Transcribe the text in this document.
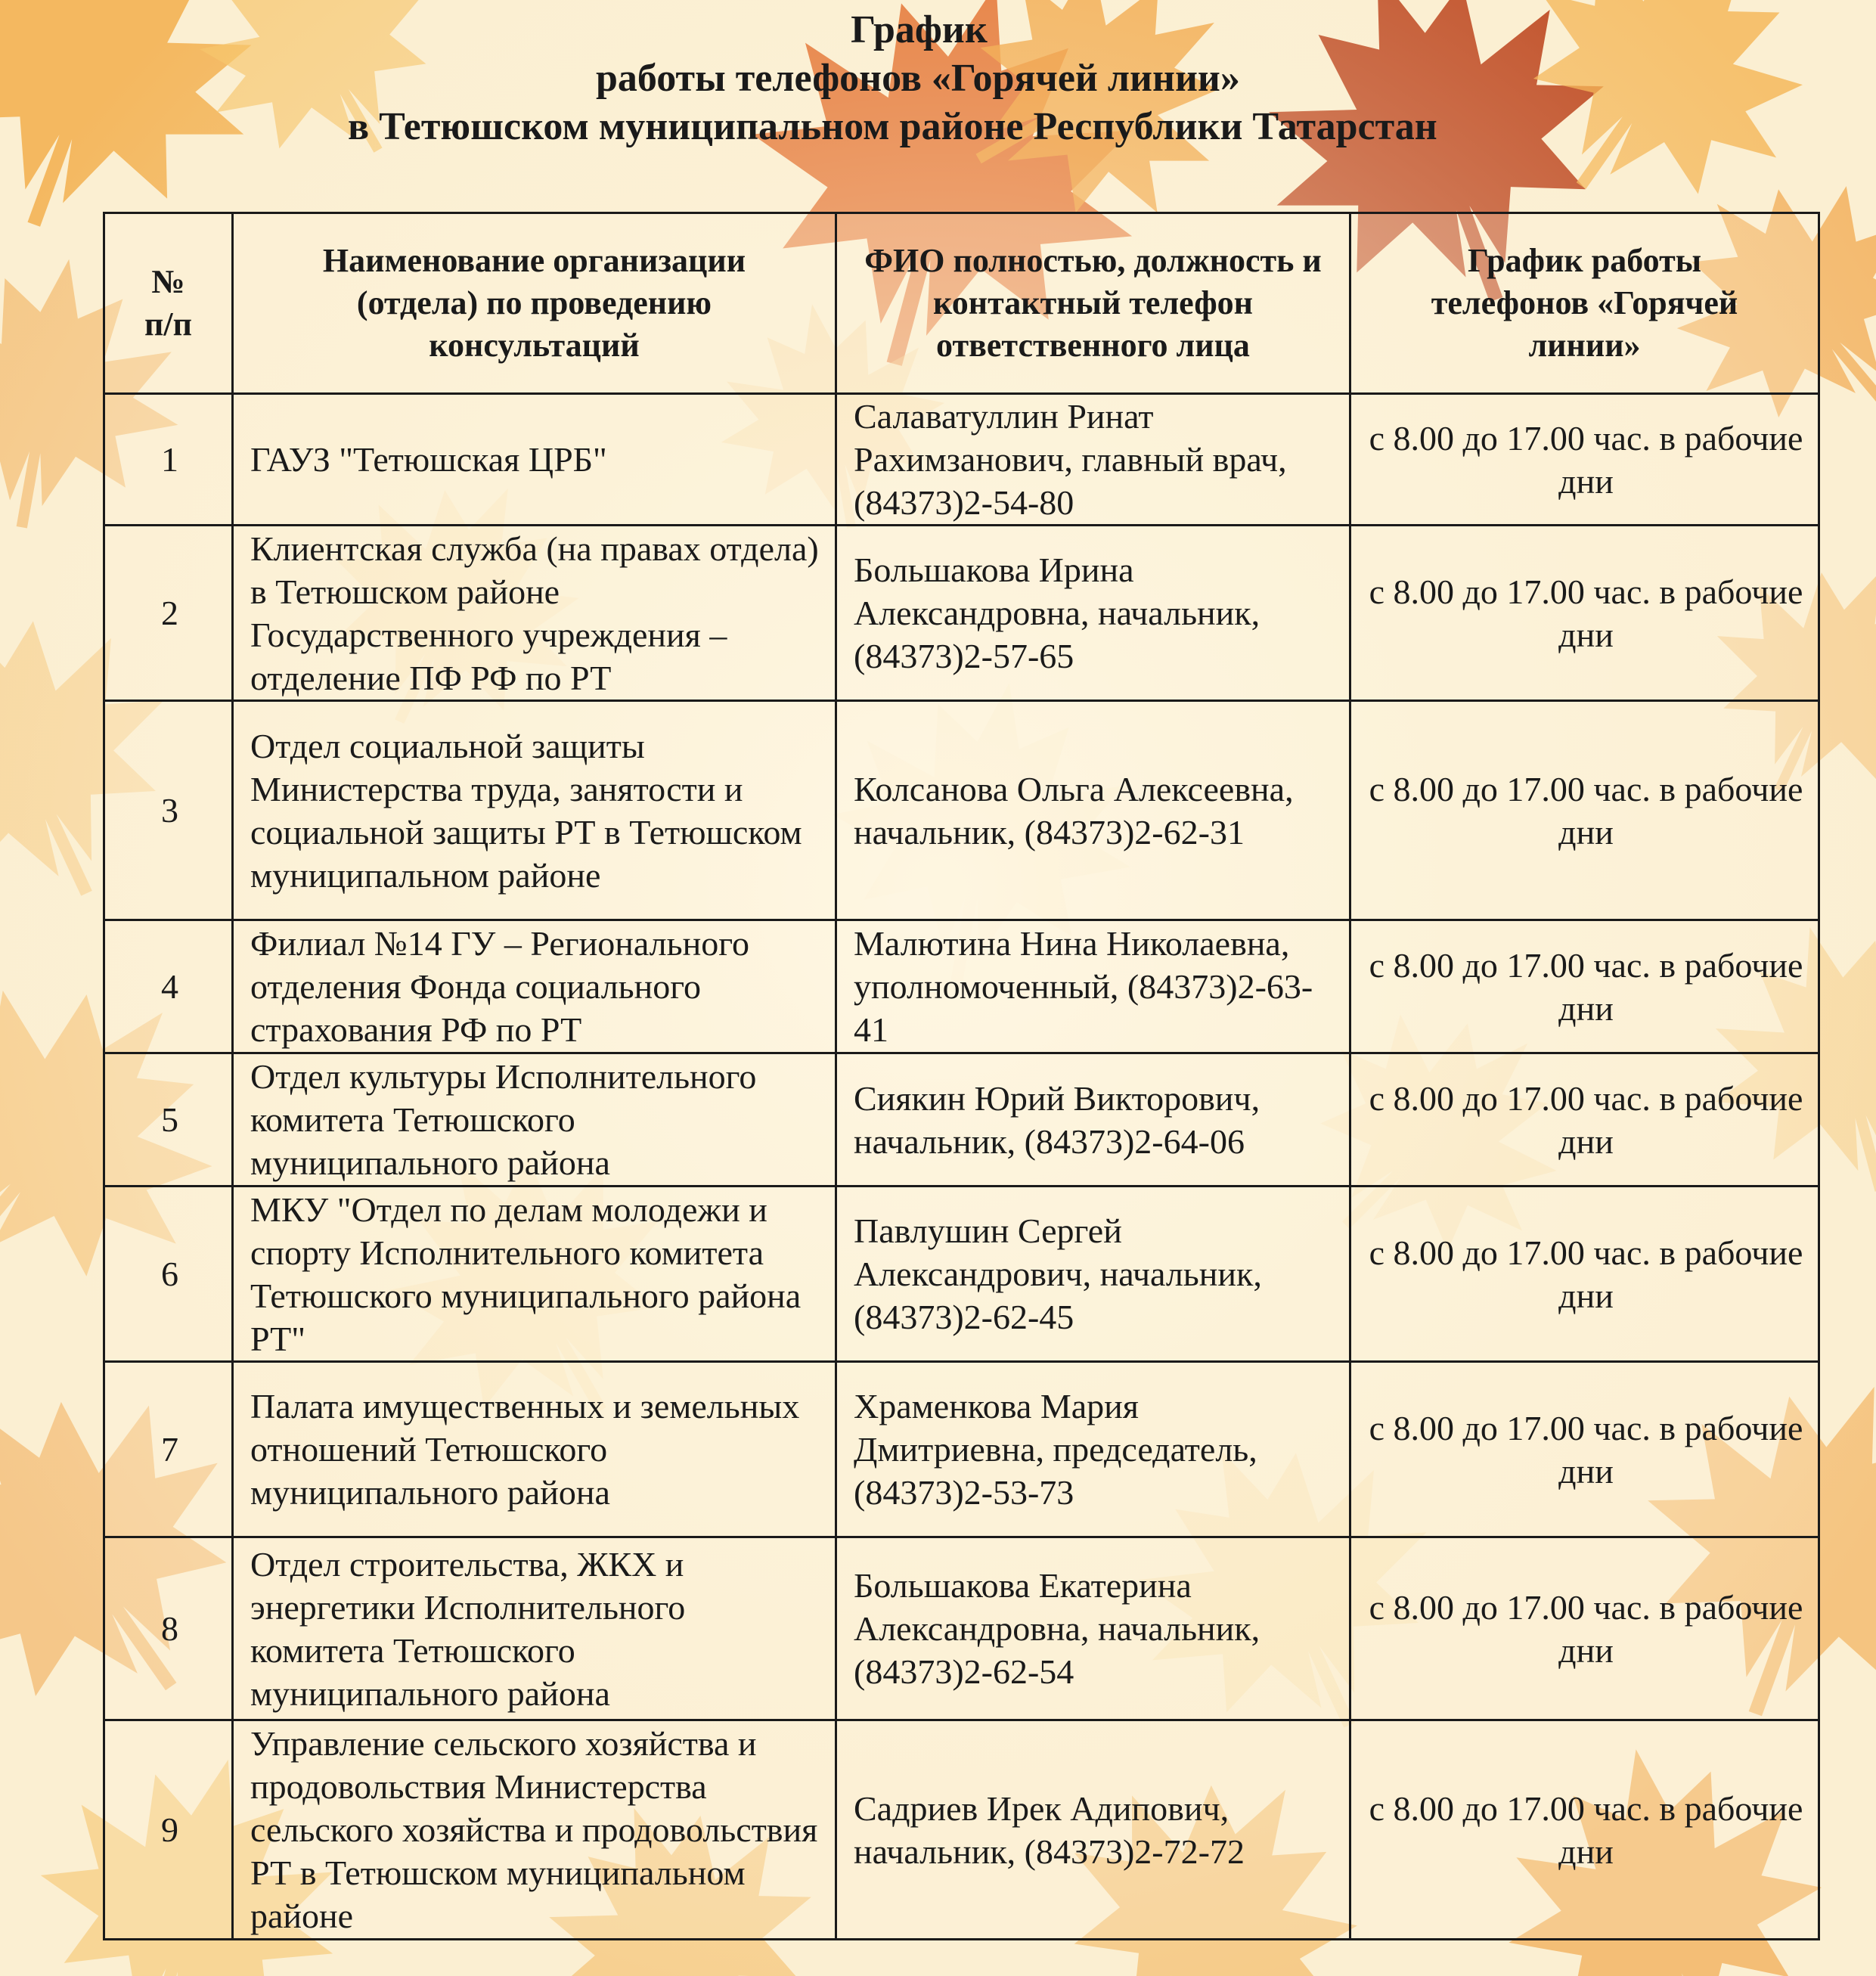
График
работы телефонов «Горячей линии»
в Тетюшском муниципальном районе Республики Татарстан
№ п/п	Наименование организации (отдела) по проведению консультаций	ФИО полностью, должность и контактный телефон ответственного лица	График работы телефонов «Горячей линии»
1	ГАУЗ "Тетюшская ЦРБ"	Салаватуллин Ринат Рахимзанович, главный врач, (84373)2-54-80	с 8.00 до 17.00 час. в рабочие дни
2	Клиентская служба (на правах отдела) в Тетюшском районе Государственного учреждения – отделение ПФ РФ по РТ	Большакова Ирина Александровна, начальник, (84373)2-57-65	с 8.00 до 17.00 час. в рабочие дни
3	Отдел социальной защиты Министерства труда, занятости и социальной защиты РТ в Тетюшском муниципальном районе	Колсанова Ольга Алексеевна, начальник, (84373)2-62-31	с 8.00 до 17.00 час. в рабочие дни
4	Филиал №14 ГУ – Регионального отделения Фонда социального страхования РФ по РТ	Малютина Нина Николаевна, уполномоченный, (84373)2-63-41	с 8.00 до 17.00 час. в рабочие дни
5	Отдел культуры Исполнительного комитета Тетюшского муниципального района	Сиякин Юрий Викторович, начальник, (84373)2-64-06	с 8.00 до 17.00 час. в рабочие дни
6	МКУ "Отдел по делам молодежи и спорту Исполнительного комитета Тетюшского муниципального района РТ"	Павлушин Сергей Александрович, начальник, (84373)2-62-45	с 8.00 до 17.00 час. в рабочие дни
7	Палата имущественных и земельных отношений Тетюшского муниципального района	Храменкова Мария Дмитриевна, председатель, (84373)2-53-73	с 8.00 до 17.00 час. в рабочие дни
8	Отдел строительства, ЖКХ и энергетики Исполнительного комитета Тетюшского муниципального района	Большакова Екатерина Александровна, начальник, (84373)2-62-54	с 8.00 до 17.00 час. в рабочие дни
9	Управление сельского хозяйства и продовольствия Министерства сельского хозяйства и продовольствия РТ в Тетюшском муниципальном районе	Садриев Ирек Адипович, начальник, (84373)2-72-72	с 8.00 до 17.00 час. в рабочие дни
